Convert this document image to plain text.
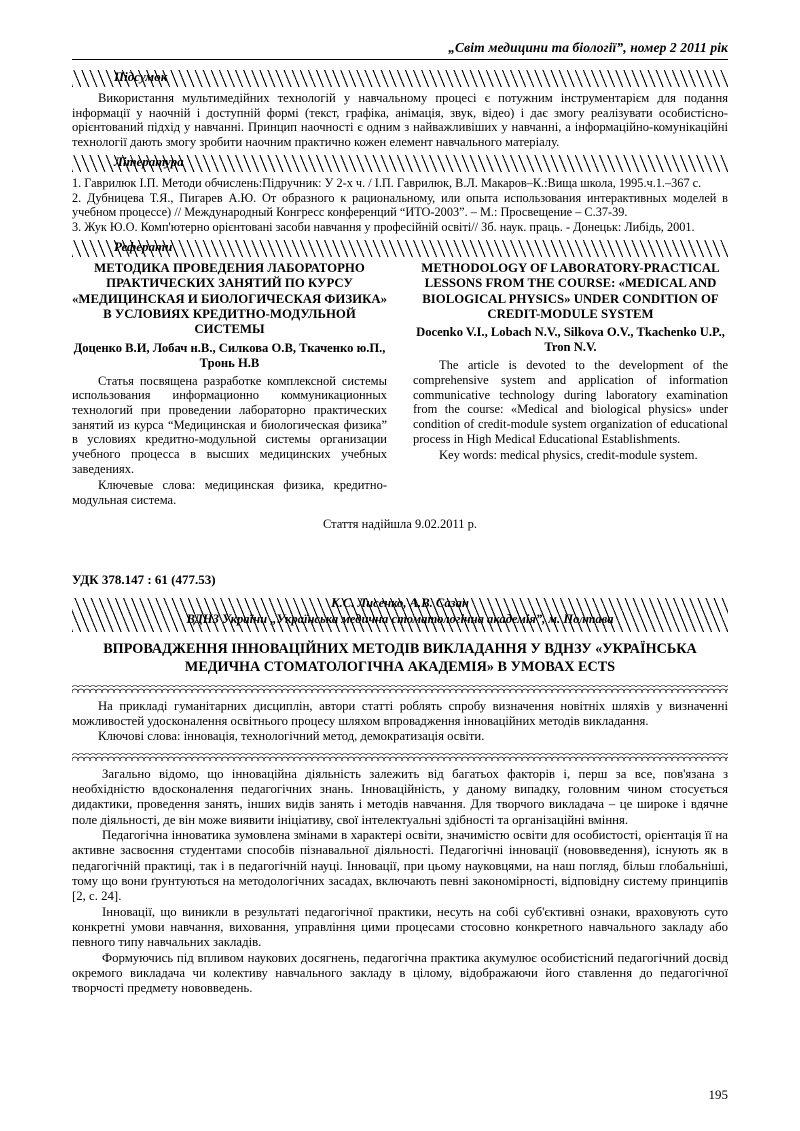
„Світ медицини та біології”, номер 2 2011 рік
Підсумок

Використання мультимедійних технологій у навчальному процесі є потужним інструментарієм для подання інформації у наочній і доступній формі (текст, графіка, анімація, звук, відео) і дає змогу реалізувати особистісно-орієнтований підхід у навчанні. Принцип наочності є одним з найважливіших у навчанні, а інформаційно-комунікаційні технології дають змогу зробити наочним практично кожен елемент навчального матеріалу.

Література

1. Гаврилюк І.П. Методи обчислень:Підручник: У 2-х ч. / І.П. Гаврилюк, В.Л. Макаров–К.:Вища школа, 1995.ч.1.–367 с.

2. Дубницева Т.Я., Пигарев А.Ю. От образного к рациональному, или опыта использования интерактивных моделей в учебном процессе) // Международный Конгресс конференций “ИТО-2003”. – М.: Просвещение – С.37-39.

3. Жук Ю.О. Комп'ютерно орієнтовані засоби навчання у професійній освіті// Зб. наук. праць. - Донецьк: Либідь, 2001.

Реферати
МЕТОДИКА ПРОВЕДЕНИЯ ЛАБОРАТОРНО ПРАКТИЧЕСКИХ ЗАНЯТИЙ ПО КУРСУ «МЕДИЦИНСКАЯ И БИОЛОГИЧЕСКАЯ ФИЗИКА» В УСЛОВИЯХ КРЕДИТНО-МОДУЛЬНОЙ СИСТЕМЫ
Доценко В.И, Лобач н.В., Силкова О.В, Ткаченко ю.П., Тронь Н.В
Статья посвящена разработке комплексной системы использования информационно коммуникационных технологий при проведении лабораторно практических занятий из курса “Медицинская и биологическая физика” в условиях кредитно-модульной системы организации учебного процесса в высших медицинских учебных заведениях.
Ключевые слова: медицинская физика, кредитно-модульная система.
METHODOLOGY OF LABORATORY-PRACTICAL LESSONS FROM THE COURSE: «MEDICAL AND BIOLOGICAL PHYSICS» UNDER CONDITION OF CREDIT-MODULE SYSTEM
Docenko V.I., Lobach N.V., Silkova O.V., Tkachenko U.P., Tron N.V.
The article is devoted to the development of the comprehensive system and application of information communicative technology during laboratory examination from the course: «Medical and biological physics» under condition of credit-module system organization of educational process in High Medical Educational Establishments.
Key words: medical physics, credit-module system.
Стаття надійшла 9.02.2011 р.
УДК 378.147 : 61 (477.53)
К.С. Лисенко, А.В. Сазан
ВДНЗ України „Українська медична стоматологічна академія”, м. Полтава
ВПРОВАДЖЕННЯ ІННОВАЦІЙНИХ МЕТОДІВ ВИКЛАДАННЯ У ВДНЗУ «УКРАЇНСЬКА МЕДИЧНА СТОМАТОЛОГІЧНА АКАДЕМІЯ» В УМОВАХ ECTS

На прикладі гуманітарних дисциплін, автори статті роблять спробу визначення новітніх шляхів у визначенні можливостей удосконалення освітнього процесу шляхом впровадження інноваційних методів викладання.

Ключові слова: інновація, технологічний метод, демократизація освіти.

Загально відомо, що інноваційна діяльність залежить від багатьох факторів і, перш за все, пов'язана з необхідністю вдосконалення педагогічних знань. Інноваційність, у даному випадку, головним чином стосується дидактики, проведення занять, інших видів занять і методів навчання. Для творчого викладача – це широке і вдячне поле діяльності, де він може виявити ініціативу, свої інтелектуальні здібності та організаційні вміння.

Педагогічна інноватика зумовлена змінами в характері освіти, значимістю освіти для особистості, орієнтація її на активне засвоєння студентами способів пізнавальної діяльності. Педагогічні інновації (нововведення), існують як в педагогічній практиці, так і в педагогічній науці. Інновації, при цьому науковцями, на наш погляд, більш глобальніші, тому що вони ґрунтуються на методологічних засадах, включають певні закономірності, відповідну систему принципів [2, с. 24].

Інновації, що виникли в результаті педагогічної практики, несуть на собі суб'єктивні ознаки, враховують суто конкретні умови навчання, виховання, управління цими процесами стосовно конкретного навчального закладу або певного типу навчальних закладів.

Формуючись під впливом наукових досягнень, педагогічна практика акумулює особистісний педагогічний досвід окремого викладача чи колективу навчального закладу в цілому, відображаючи його ставлення до педагогічної творчості предмету нововведень.

195
